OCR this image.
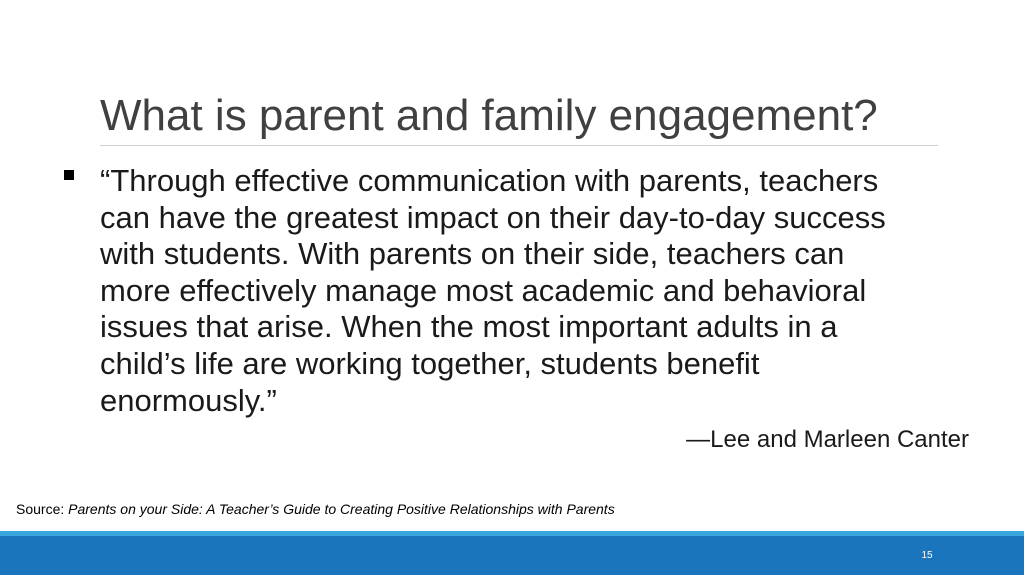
What is parent and family engagement?

“Through effective communication with parents, teachers
can have the greatest impact on their day-to-day success
with students. With parents on their side, teachers can
more effectively manage most academic and behavioral
issues that arise. When the most important adults in a
child’s life are working together, students benefit
enormously.”

—Lee and Marleen Canter
Source: Parents on your Side: A Teacher’s Guide to Creating Positive Relationships with Parents
15
